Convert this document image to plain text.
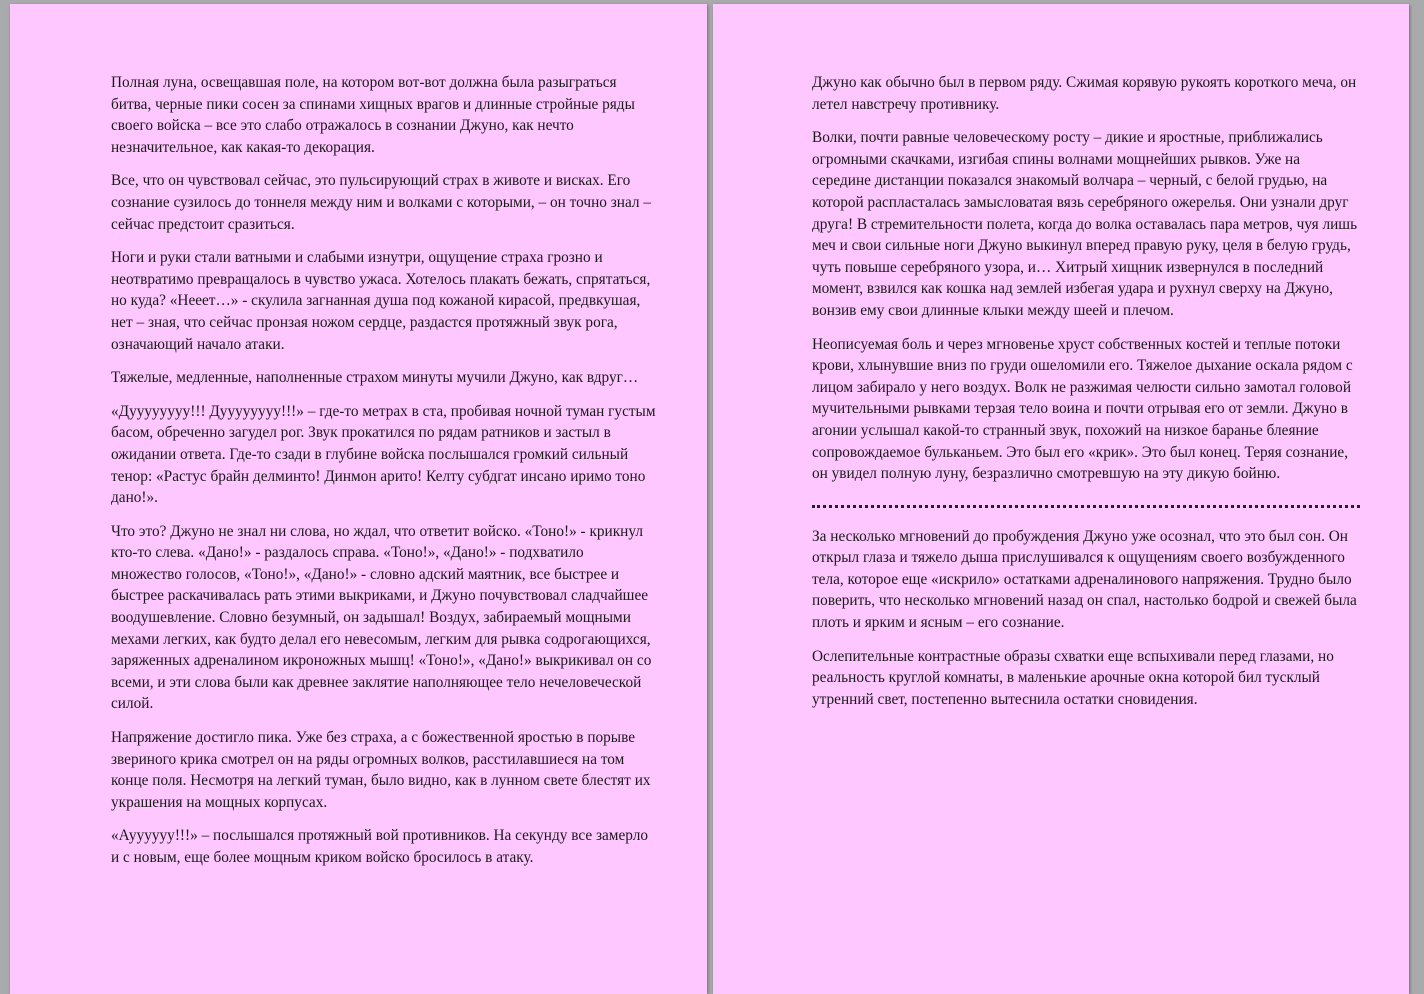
Полная луна, освещавшая поле, на котором вот-вот должна была разыграться битва, черные пики сосен за спинами хищных врагов и длинные стройные ряды своего войска – все это слабо отражалось в сознании Джуно, как нечто незначительное, как какая-то декорация.

Все, что он чувствовал сейчас, это пульсирующий страх в животе и висках. Его сознание сузилось до тоннеля между ним и волками с которыми, – он точно знал – сейчас предстоит сразиться.

Ноги и руки стали ватными и слабыми изнутри, ощущение страха грозно и неотвратимо превращалось в чувство ужаса. Хотелось плакать бежать, спрятаться, но куда? «Нееет…» - скулила загнанная душа под кожаной кирасой, предвкушая, нет – зная, что сейчас пронзая ножом сердце, раздастся протяжный звук рога, означающий начало атаки.

Тяжелые, медленные, наполненные страхом минуты мучили Джуно, как вдруг…

«Дуууууууу!!! Дуууууууу!!!» – где-то метрах в ста, пробивая ночной туман густым басом, обреченно загудел рог. Звук прокатился по рядам ратников и застыл в ожидании ответа. Где-то сзади в глубине войска послышался громкий сильный тенор: «Растус брайн делминто! Динмон арито! Келту субдгат инсано иримо тоно дано!».

Что это? Джуно не знал ни слова, но ждал, что ответит войско. «Тоно!» - крикнул кто-то слева. «Дано!» - раздалось справа. «Тоно!», «Дано!» - подхватило множество голосов, «Тоно!», «Дано!» - словно адский маятник, все быстрее и быстрее раскачивалась рать этими выкриками, и Джуно почувствовал сладчайшее воодушевление. Словно безумный, он задышал! Воздух, забираемый мощными мехами легких, как будто делал его невесомым, легким для рывка содрогающихся, заряженных адреналином икроножных мышц! «Тоно!», «Дано!» выкрикивал он со всеми, и эти слова были как древнее заклятие наполняющее тело нечеловеческой силой.

Напряжение достигло пика. Уже без страха, а с божественной яростью в порыве звериного крика смотрел он на ряды огромных волков, расстилавшиеся на том конце поля. Несмотря на легкий туман, было видно, как в лунном свете блестят их украшения на мощных корпусах.

«Ауууууу!!!» – послышался протяжный вой противников. На секунду все замерло и с новым, еще более мощным криком войско бросилось в атаку.

Джуно как обычно был в первом ряду. Сжимая корявую рукоять короткого меча, он летел навстречу противнику.

Волки, почти равные человеческому росту – дикие и яростные, приближались огромными скачками, изгибая спины волнами мощнейших рывков. Уже на середине дистанции показался знакомый волчара – черный, с белой грудью, на которой распласталась замысловатая вязь серебряного ожерелья. Они узнали друг друга! В стремительности полета, когда до волка оставалась пара метров, чуя лишь меч и свои сильные ноги Джуно выкинул вперед правую руку, целя в белую грудь, чуть повыше серебряного узора, и… Хитрый хищник извернулся в последний момент, взвился как кошка над землей избегая удара и рухнул сверху на Джуно, вонзив ему свои длинные клыки между шеей и плечом.

Неописуемая боль и через мгновенье хруст собственных костей и теплые потоки крови, хлынувшие вниз по груди ошеломили его. Тяжелое дыхание оскала рядом с лицом забирало у него воздух. Волк не разжимая челюсти сильно замотал головой мучительными рывками терзая тело воина и почти отрывая его от земли. Джуно в агонии услышал какой-то странный звук, похожий на низкое баранье блеяние сопровождаемое бульканьем. Это был его «крик». Это был конец. Теряя сознание, он увидел полную луну, безразлично смотревшую на эту дикую бойню.

За несколько мгновений до пробуждения Джуно уже осознал, что это был сон. Он открыл глаза и тяжело дыша прислушивался к ощущениям своего возбужденного тела, которое еще «искрило» остатками адреналинового напряжения. Трудно было поверить, что несколько мгновений назад он спал, настолько бодрой и свежей была плоть и ярким и ясным – его сознание.

Ослепительные контрастные образы схватки еще вспыхивали перед глазами, но реальность круглой комнаты, в маленькие арочные окна которой бил тусклый утренний свет, постепенно вытеснила остатки сновидения.
